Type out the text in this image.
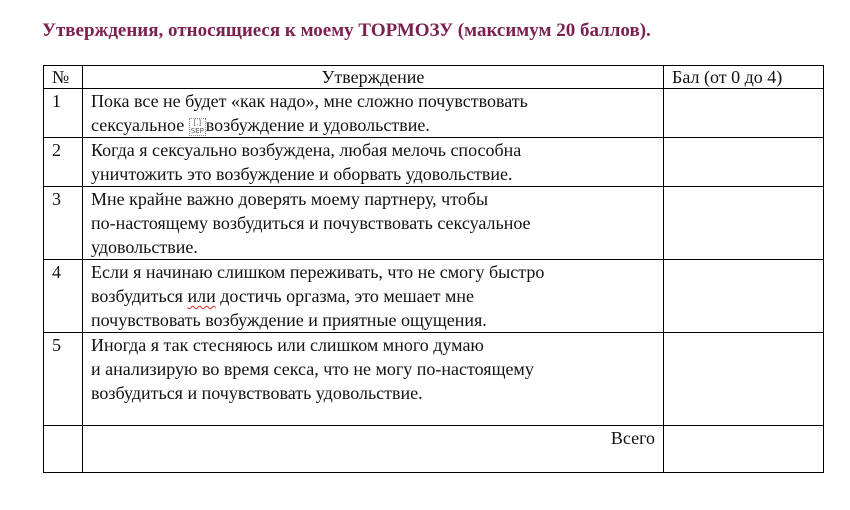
Утверждения, относящиеся к моему ТОРМОЗУ (максимум 20 баллов).
№	Утверждение	Бал (от 0 до 4)
1	Пока все не будет «как надо», мне сложно почувствовать
сексуальное [.]
SEP возбуждение и удовольствие.	

2	Когда я сексуально возбуждена, любая мелочь способна
уничтожить это возбуждение и оборвать удовольствие.	

3	Мне крайне важно доверять моему партнеру, чтобы
по-настоящему возбудиться и почувствовать сексуальное
удовольствие.	

4	Если я начинаю слишком переживать, что не смогу быстро
возбудиться или достичь оргазма, это мешает мне
почувствовать возбуждение и приятные ощущения.	

5	Иногда я так стесняюсь или слишком много думаю
и анализирую во время секса, что не могу по-настоящему
возбудиться и почувствовать удовольствие.	

	Всего	
